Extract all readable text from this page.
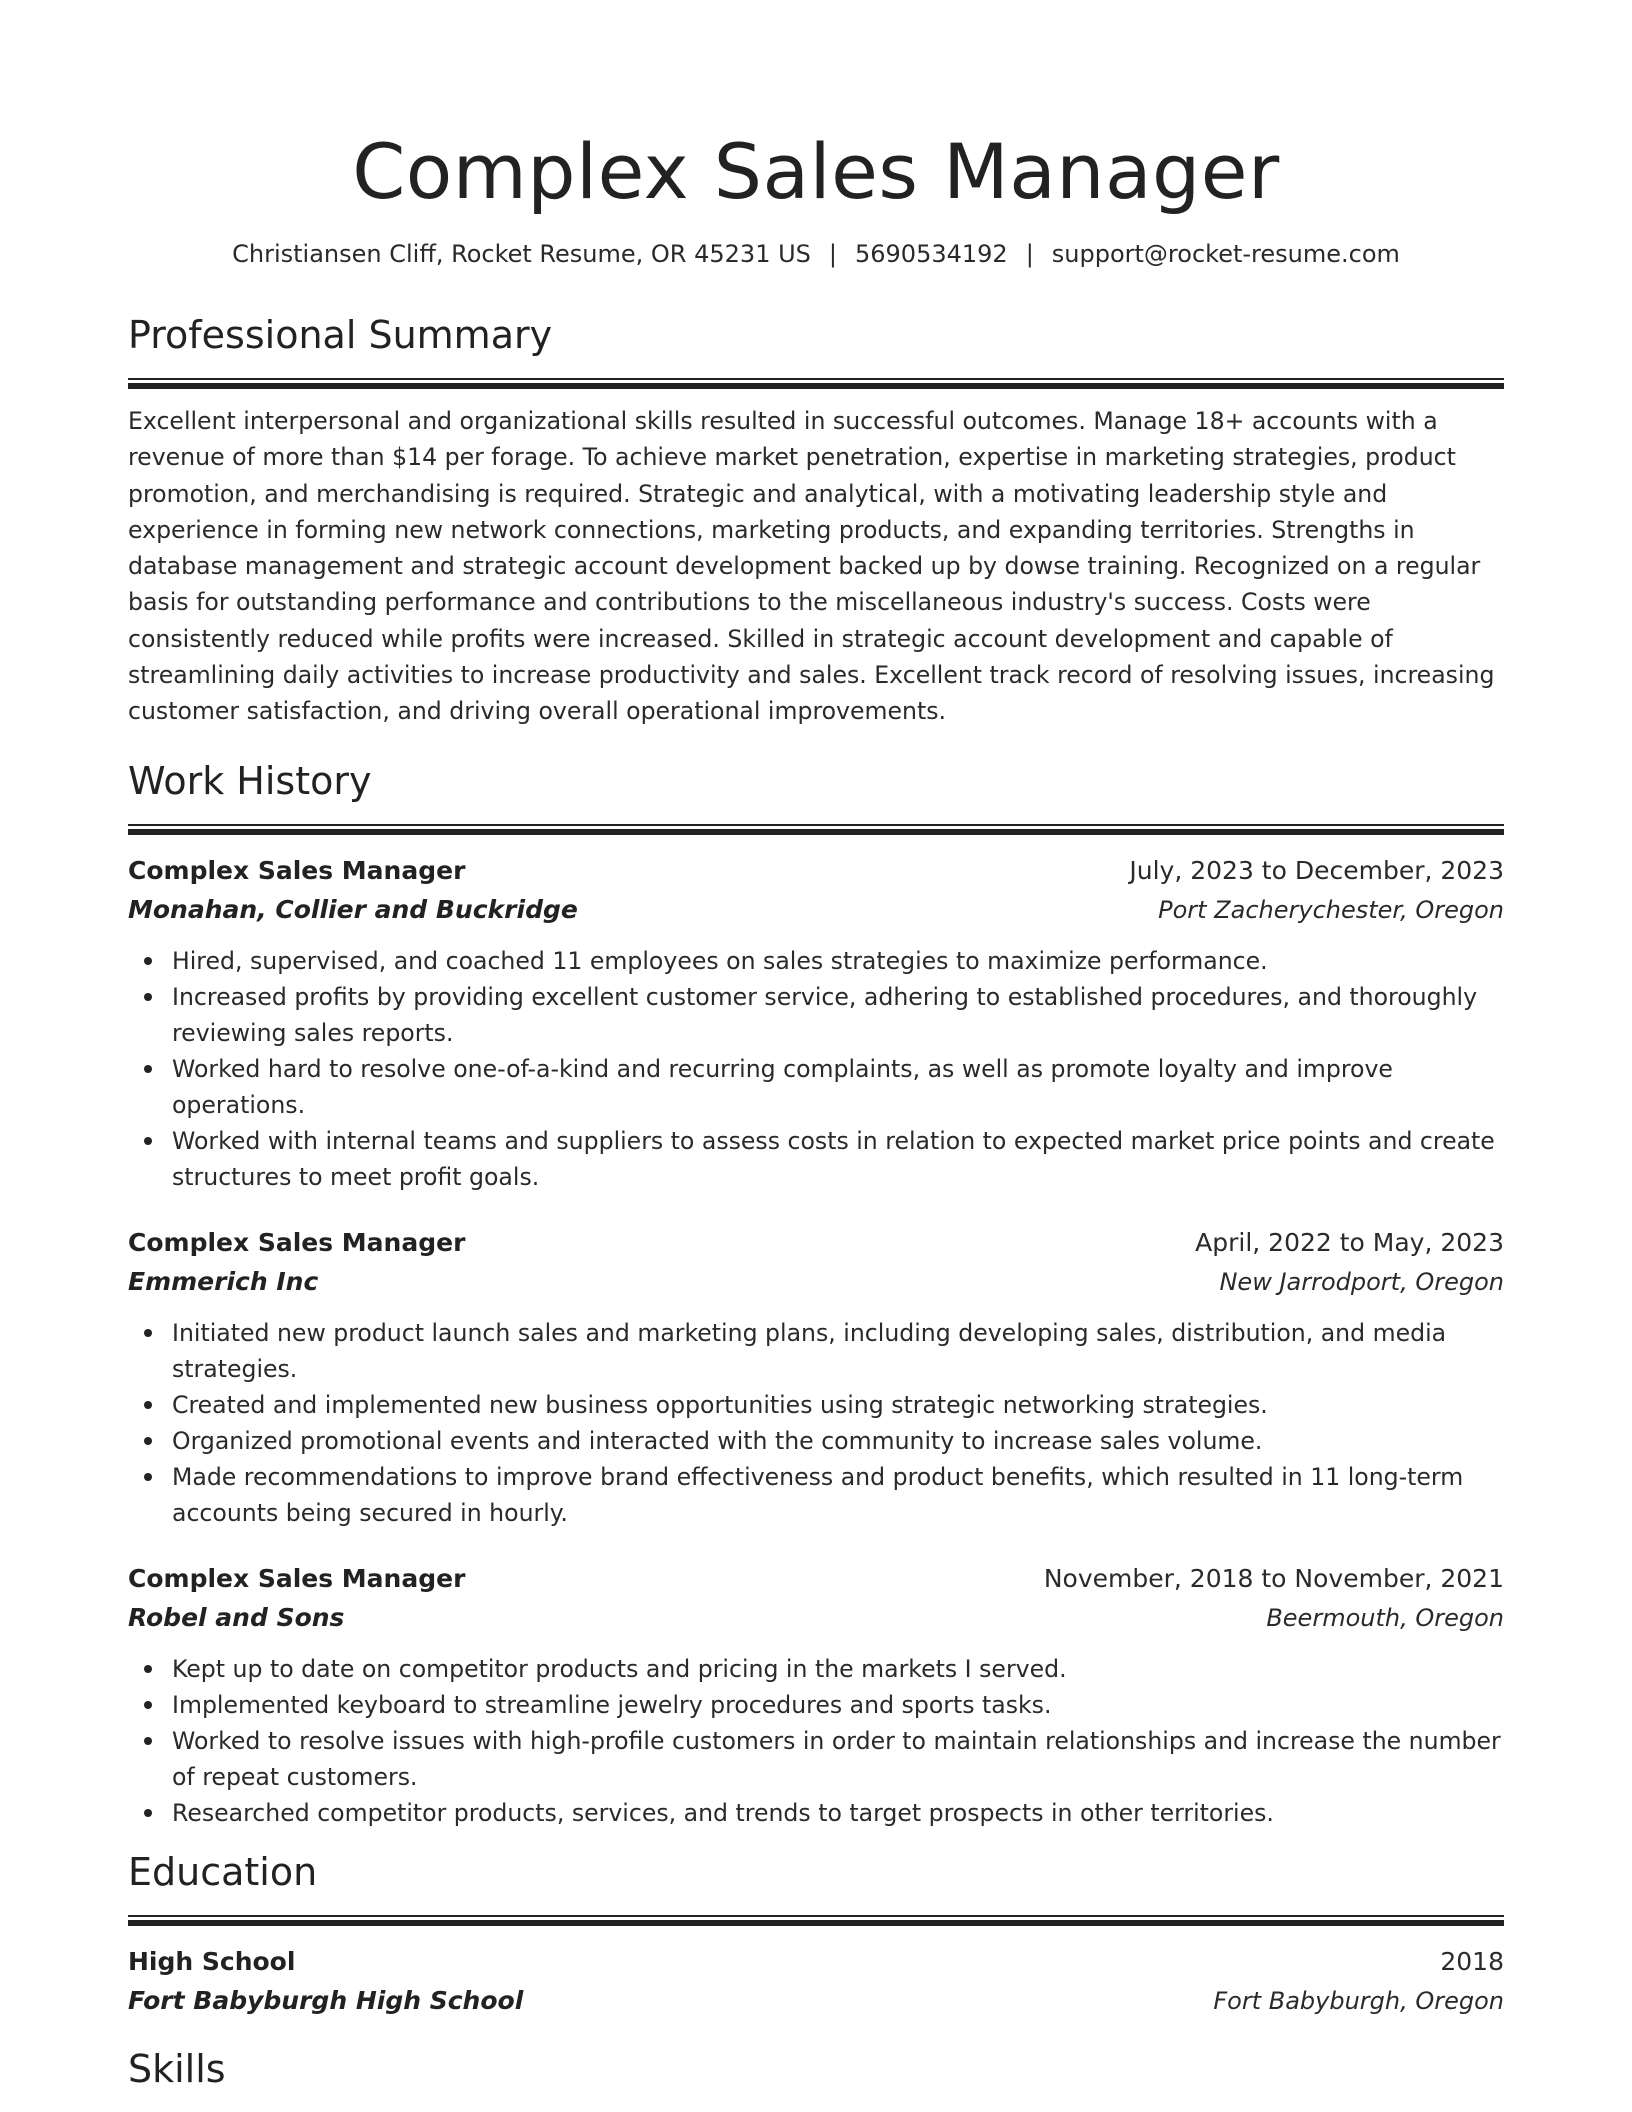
Complex Sales Manager
Christiansen Cliff, Rocket Resume, OR 45231 US | 5690534192 | support@rocket-resume.com
Professional Summary

Excellent interpersonal and organizational skills resulted in successful outcomes. Manage 18+ accounts with a revenue of more than $14 per forage. To achieve market penetration, expertise in marketing strategies, product promotion, and merchandising is required. Strategic and analytical, with a motivating leadership style and experience in forming new network connections, marketing products, and expanding territories. Strengths in database management and strategic account development backed up by dowse training. Recognized on a regular basis for outstanding performance and contributions to the miscellaneous industry's success. Costs were consistently reduced while profits were increased. Skilled in strategic account development and capable of streamlining daily activities to increase productivity and sales. Excellent track record of resolving issues, increasing customer satisfaction, and driving overall operational improvements.

Work History
Complex Sales Manager	July, 2023 to December, 2023
Monahan, Collier and Buckridge	Port Zacherychester, Oregon
Hired, supervised, and coached 11 employees on sales strategies to maximize performance.
Increased profits by providing excellent customer service, adhering to established procedures, and thoroughly reviewing sales reports.
Worked hard to resolve one-of-a-kind and recurring complaints, as well as promote loyalty and improve operations.
Worked with internal teams and suppliers to assess costs in relation to expected market price points and create structures to meet profit goals.
Complex Sales Manager	April, 2022 to May, 2023
Emmerich Inc	New Jarrodport, Oregon
Initiated new product launch sales and marketing plans, including developing sales, distribution, and media strategies.
Created and implemented new business opportunities using strategic networking strategies.
Organized promotional events and interacted with the community to increase sales volume.
Made recommendations to improve brand effectiveness and product benefits, which resulted in 11 long-term accounts being secured in hourly.
Complex Sales Manager	November, 2018 to November, 2021
Robel and Sons	Beermouth, Oregon
Kept up to date on competitor products and pricing in the markets I served.
Implemented keyboard to streamline jewelry procedures and sports tasks.
Worked to resolve issues with high-profile customers in order to maintain relationships and increase the number of repeat customers.
Researched competitor products, services, and trends to target prospects in other territories.
Education
High School	2018
Fort Babyburgh High School	Fort Babyburgh, Oregon
Skills
